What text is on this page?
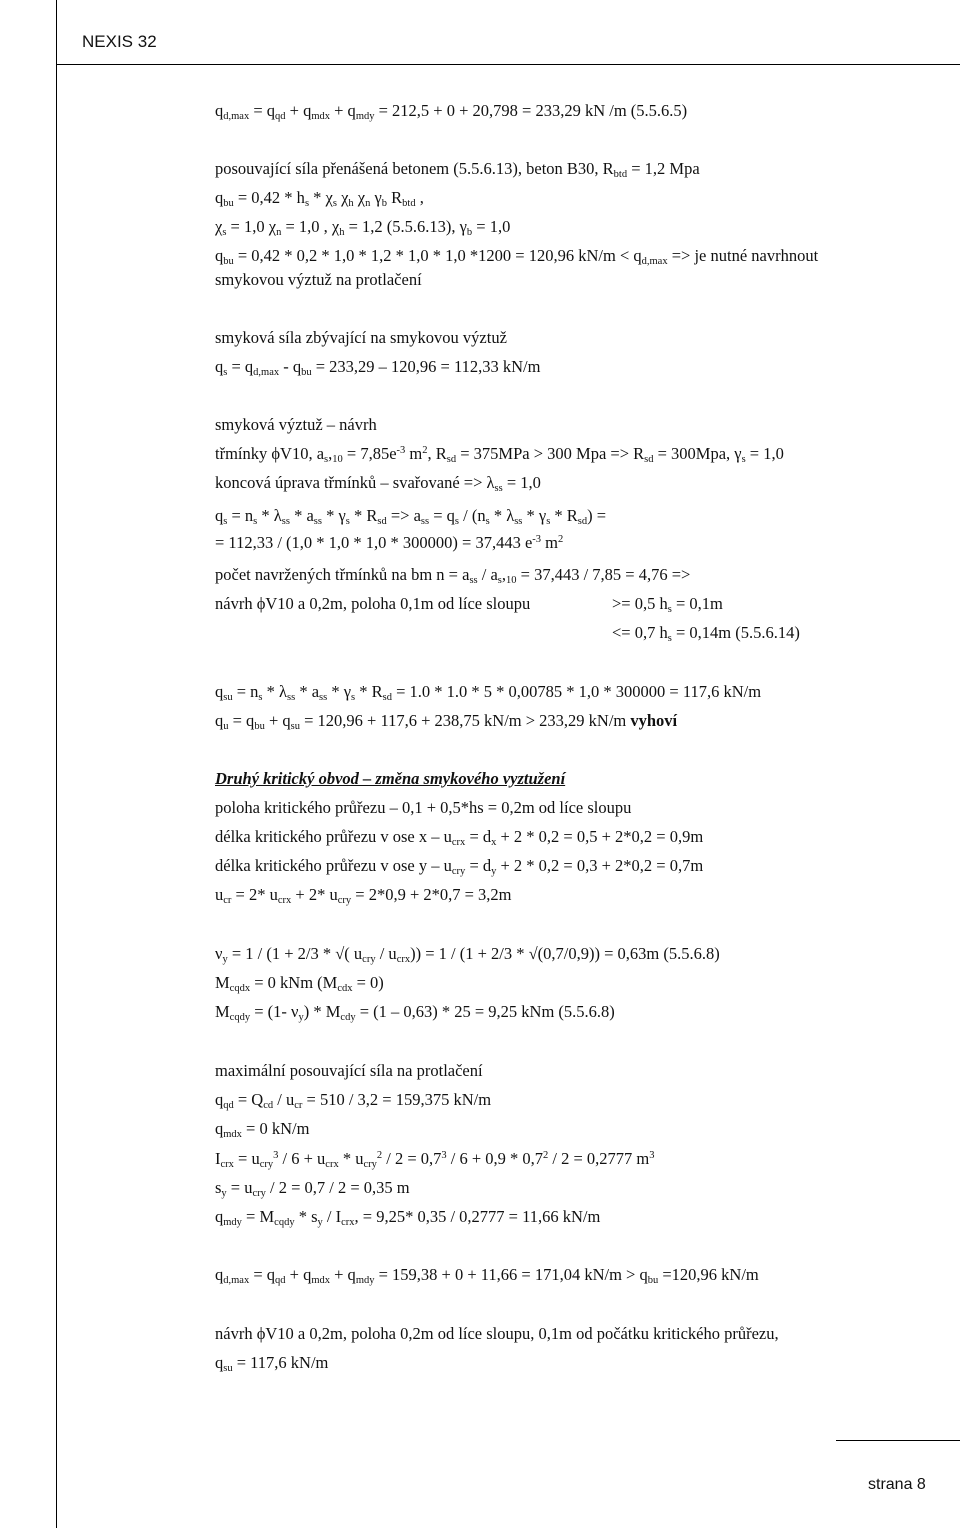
NEXIS 32
$q_{d,max} = q_{qd} + q_{mdx} + q_{mdy} = 212,5 + 0 + 20,798 = 233,29$ kN /m (5.5.6.5)
posouvající síla přenášená betonem (5.5.6.13), beton B30, $R_{btd} = 1,2$ Mpa
$q_{bu} = 0,42 * h_s * \chi_s$ $\chi_h$ $\chi_n$ $\gamma_b$ $R_{btd}$ ,
$\chi_s = 1,0$ $\chi_n = 1,0$ , $\chi_h = 1,2$ (5.5.6.13), $\gamma_b = 1,0$
$q_{bu} = 0,42 * 0,2 * 1,0 * 1,2 * 1,0 * 1,0$ *1200 = 120,96 $kN/m < q_{d,max}$ => je nutné navrhnout
smykovou výztuž na protlačení
smyková síla zbývající na smykovou výztuž
$q_s = q_{d,max} - q_{bu} = 233,29 - 120,96 = 112,33$ kN/m
smyková výztuž – návrh
třmínky ϕV10, $a_s,_{10} = 7,85e^{-3}$ $m^2$, $R_{sd} = 375MPa > 300$ Mpa => $R_{sd} = 300Mpa$, $\gamma_s = 1,0$
koncová úprava třmínků – svařované => $\lambda_{ss} = 1,0$
$q_s = n_s * \lambda_{ss} * a_{ss} * \gamma_s * R_{sd} => a_{ss} = q_s / (n_s * \lambda_{ss} * \gamma_s * R_{sd})$ =
= 112,33 / (1,0 * 1,0 * 1,0 * 300000) = 37,443 $e^{-3}$ $m^2$
počet navržených třmínků na bm $n = a_{ss} / a_s,_{10} = 37,443 / 7,85 = 4,76$ =>
návrh ϕV10 a 0,2m, poloha 0,1m od líce sloupu	>= 0,5 $h_s = 0,1m$
<= 0,7 $h_s = 0,14m$ (5.5.6.14)
$q_{su} = n_s * \lambda_{ss} * a_{ss} * \gamma_s * R_{sd} = 1.0 * 1.0 * 5 * 0,00785 * 1,0 * 300000 = 117,6$ kN/m
$q_u = q_{bu} + q_{su} = 120,96 + 117,6 + 238,75$ kN/m > 233,29 kN/m vyhoví
Druhý kritický obvod – změna smykového vyztužení
poloha kritického průřezu – 0,1 + 0,5*hs = 0,2m od líce sloupu
délka kritického průřezu v ose $x - u_{crx} = d_x + 2 * 0,2 = 0,5 + 2*0,2 = 0,9m$
délka kritického průřezu v ose $y - u_{cry} = d_y + 2 * 0,2 = 0,3 + 2*0,2 = 0,7m$
$u_{cr} = 2*$ $u_{crx} + 2*$ $u_{cry} = 2*0,9 + 2*0,7 = 3,2m$
$\nu_y = 1 / (1 + 2/3$ * √( $u_{cry} / u_{crx})) = 1 / (1 + 2/3 * √(0,7/0,9)) = 0,63m$ (5.5.6.8)
$M_{cqdx} = 0$ kNm $(M_{cdx} = 0)$
$M_{cqdy} = (1-$ $\nu_y) * M_{cdy} = (1 - 0,63) * 25 = 9,25$ kNm (5.5.6.8)
maximální posouvající síla na protlačení
$q_{qd} = Q_{cd} / u_{cr} = 510 / 3,2 = 159,375$ kN/m
$q_{mdx} = 0$ kN/m
$I_{crx} = u_{cry}^3 / 6 + u_{crx} * u_{cry}^2 / 2 = 0,7^3 / 6 + 0,9 * 0,7^2 / 2 = 0,2777$ $m^3$
$s_y = u_{cry} / 2 = 0,7 / 2 = 0,35$ m
$q_{mdy} = M_{cqdy} * s_y / I_{crx}$, = 9,25* 0,35 / 0,2777 = 11,66 kN/m
$q_{d,max} = q_{qd} + q_{mdx} + q_{mdy} = 159,38 + 0 + 11,66 = 171,04$ $kN/m > q_{bu} =120,96$ kN/m
návrh ϕV10 a 0,2m, poloha 0,2m od líce sloupu, 0,1m od počátku kritického průřezu,
$q_{su} = 117,6$ kN/m
strana 8
